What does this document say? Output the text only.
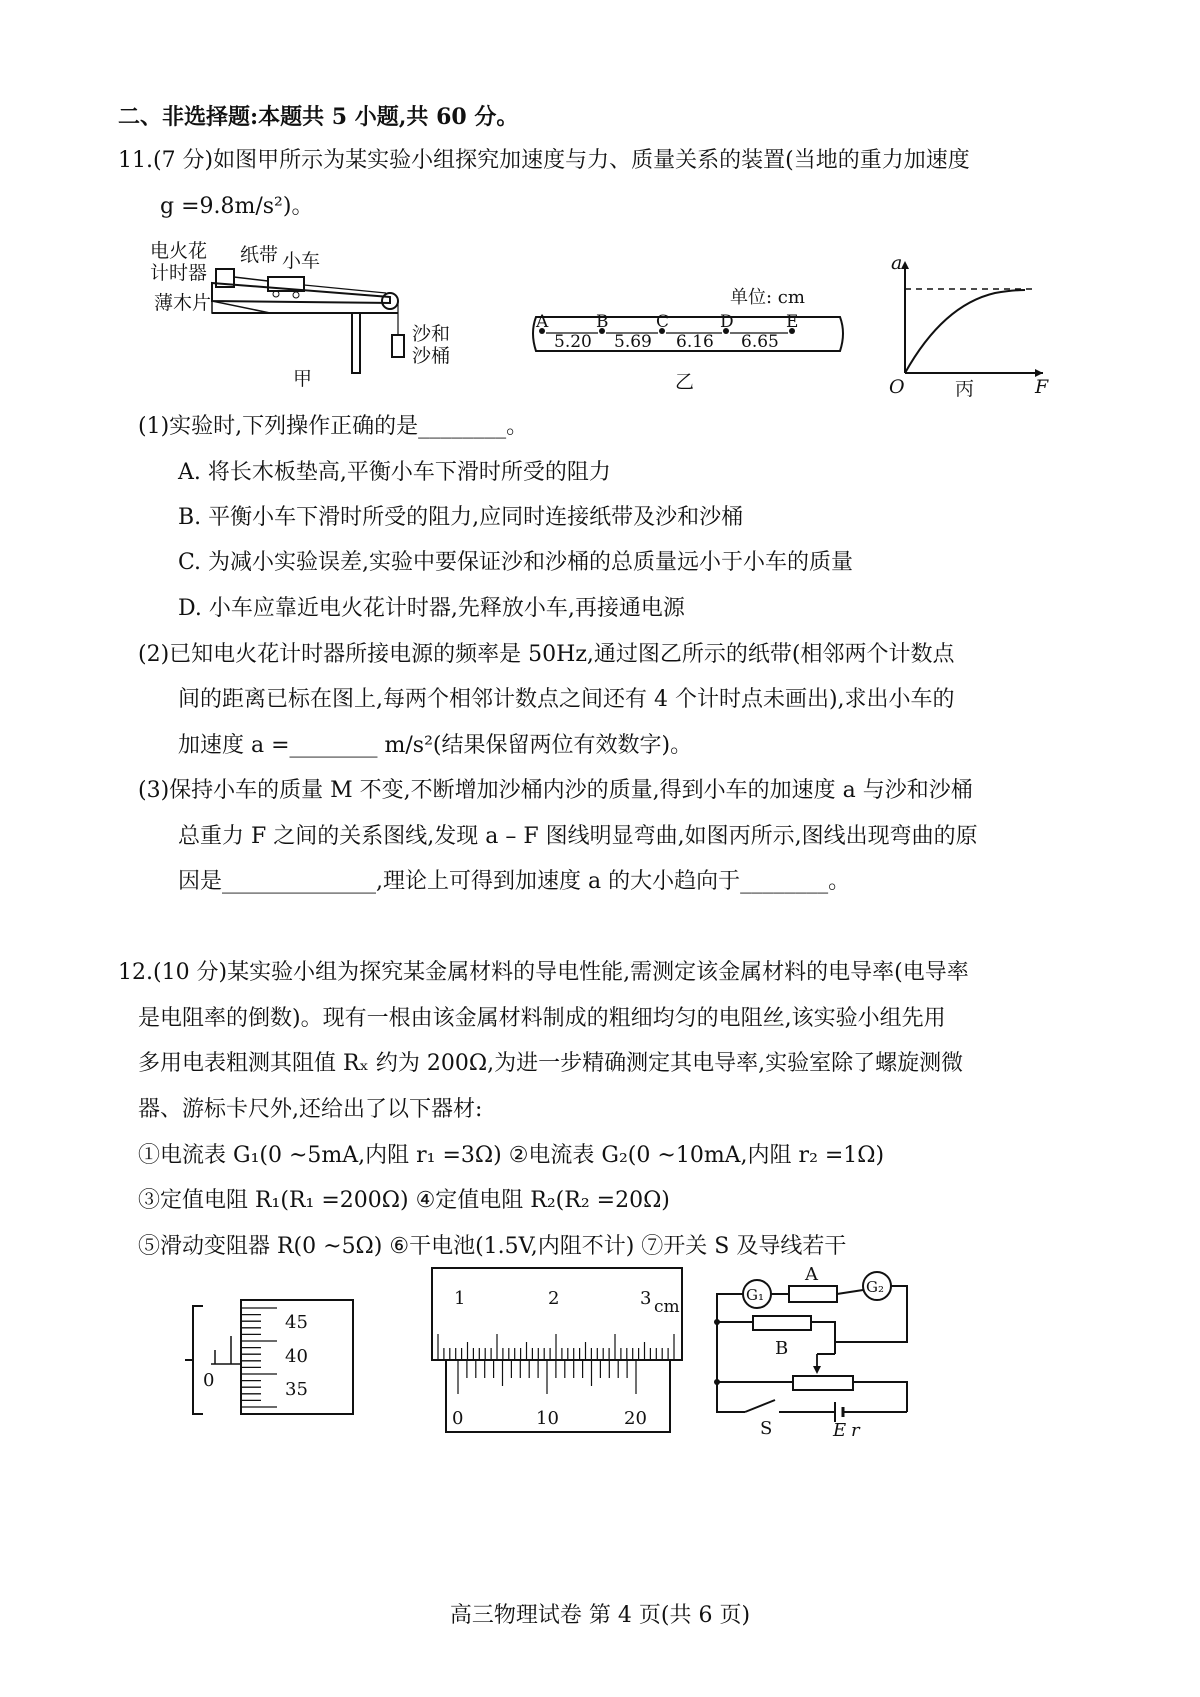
二、非选择题:本题共 5 小题,共 60 分。
11.(7 分)如图甲所示为某实验小组探究加速度与力、质量关系的装置(当地的重力加速度
g =9.8m/s²)。
电火花
计时器
薄木片
纸带 小车
沙和
沙桶
甲
单位: cm
A	B	C	D	E
5.20 5.69 6.16 6.65
乙
a
F
O	丙
(1)实验时,下列操作正确的是________。
A. 将长木板垫高,平衡小车下滑时所受的阻力
B. 平衡小车下滑时所受的阻力,应同时连接纸带及沙和沙桶
C. 为减小实验误差,实验中要保证沙和沙桶的总质量远小于小车的质量
D. 小车应靠近电火花计时器,先释放小车,再接通电源
(2)已知电火花计时器所接电源的频率是 50Hz,通过图乙所示的纸带(相邻两个计数点
间的距离已标在图上,每两个相邻计数点之间还有 4 个计时点未画出),求出小车的
加速度 a =________ m/s²(结果保留两位有效数字)。
(3)保持小车的质量 M 不变,不断增加沙桶内沙的质量,得到小车的加速度 a 与沙和沙桶
总重力 F 之间的关系图线,发现 a – F 图线明显弯曲,如图丙所示,图线出现弯曲的原
因是______________,理论上可得到加速度 a 的大小趋向于________。
12.(10 分)某实验小组为探究某金属材料的导电性能,需测定该金属材料的电导率(电导率
是电阻率的倒数)。现有一根由该金属材料制成的粗细均匀的电阻丝,该实验小组先用
多用电表粗测其阻值 Rₓ 约为 200Ω,为进一步精确测定其电导率,实验室除了螺旋测微
器、游标卡尺外,还给出了以下器材:
①电流表 G₁(0 ~5mA,内阻 r₁ =3Ω) ②电流表 G₂(0 ~10mA,内阻 r₂ =1Ω)
③定值电阻 R₁(R₁ =200Ω) ④定值电阻 R₂(R₂ =20Ω)
⑤滑动变阻器 R(0 ~5Ω) ⑥干电池(1.5V,内阻不计) ⑦开关 S 及导线若干
0
45
40
35
1	2	3 cm
0	10	20
G₁
A
G₂
B
S	E r
高三物理试卷 第 4 页(共 6 页)
